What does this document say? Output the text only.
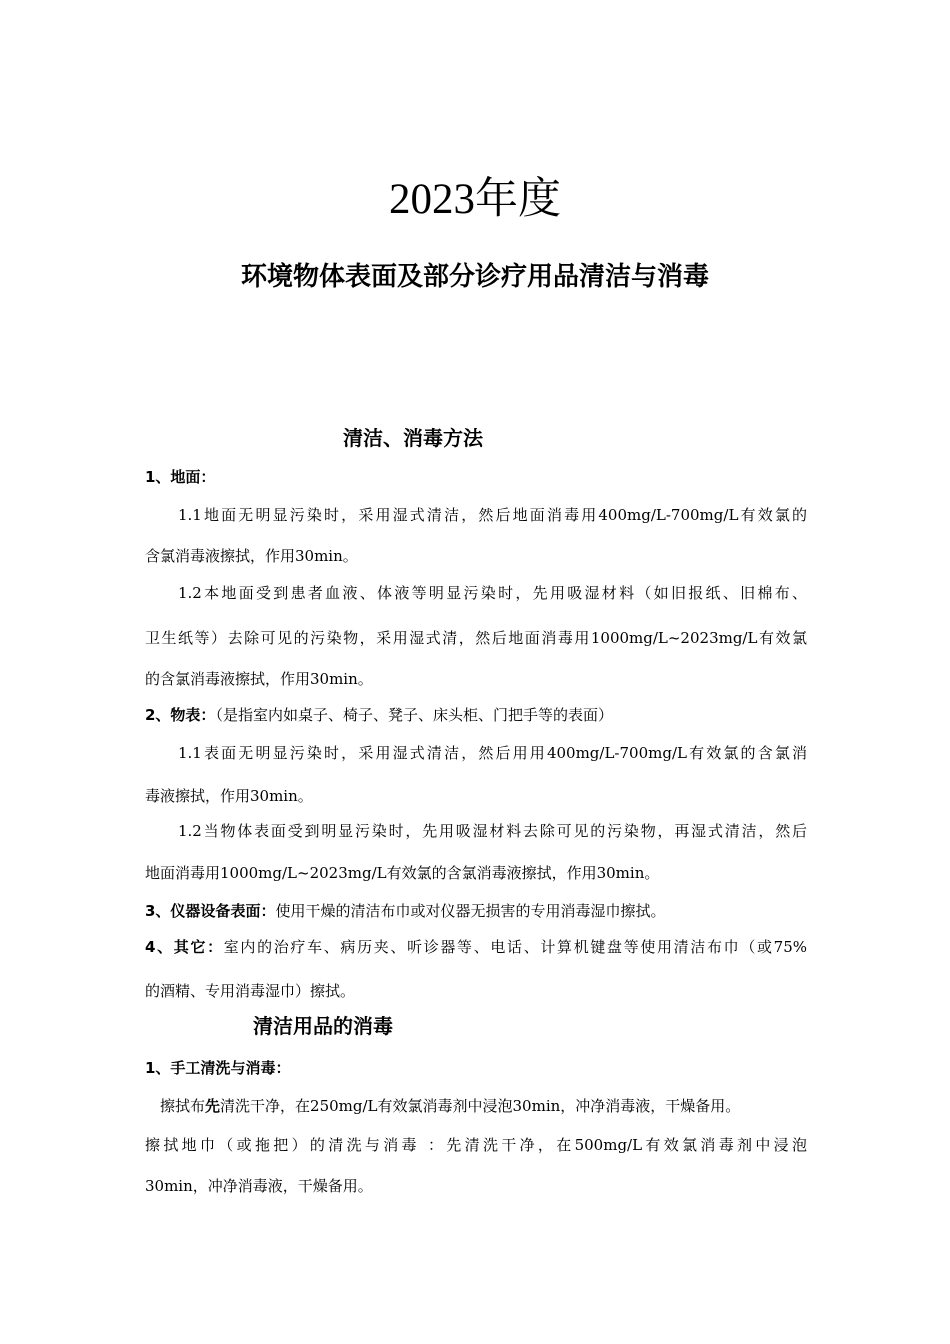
2023年度
环境物体表面及部分诊疗用品清洁与消毒
清洁、消毒方法
1、地面：
1.1地面无明显污染时，采用湿式清洁，然后地面消毒用400mg/L-700mg/L有效氯的
含氯消毒液擦拭，作用30min。
1.2本地面受到患者血液、体液等明显污染时，先用吸湿材料（如旧报纸、旧棉布、
卫生纸等）去除可见的污染物，采用湿式清，然后地面消毒用1000mg/L~2023mg/L有效氯
的含氯消毒液擦拭，作用30min。
2、物表：（是指室内如桌子、椅子、凳子、床头柜、门把手等的表面）
1.1表面无明显污染时，采用湿式清洁，然后用用400mg/L-700mg/L有效氯的含氯消
毒液擦拭，作用30min。
1.2当物体表面受到明显污染时，先用吸湿材料去除可见的污染物，再湿式清洁，然后
地面消毒用1000mg/L~2023mg/L有效氯的含氯消毒液擦拭，作用30min。
3、仪器设备表面：使用干燥的清洁布巾或对仪器无损害的专用消毒湿巾擦拭。
4、其它：室内的治疗车、病历夹、听诊器等、电话、计算机键盘等使用清洁布巾（或75%
的酒精、专用消毒湿巾）擦拭。
清洁用品的消毒
1、手工清洗与消毒：
擦拭布先清洗干净，在250mg/L有效氯消毒剂中浸泡30min，冲净消毒液，干燥备用。
擦拭地巾（或拖把）的清洗与消毒 ：先清洗干净，在500mg/L有效氯消毒剂中浸泡
30min，冲净消毒液，干燥备用。
